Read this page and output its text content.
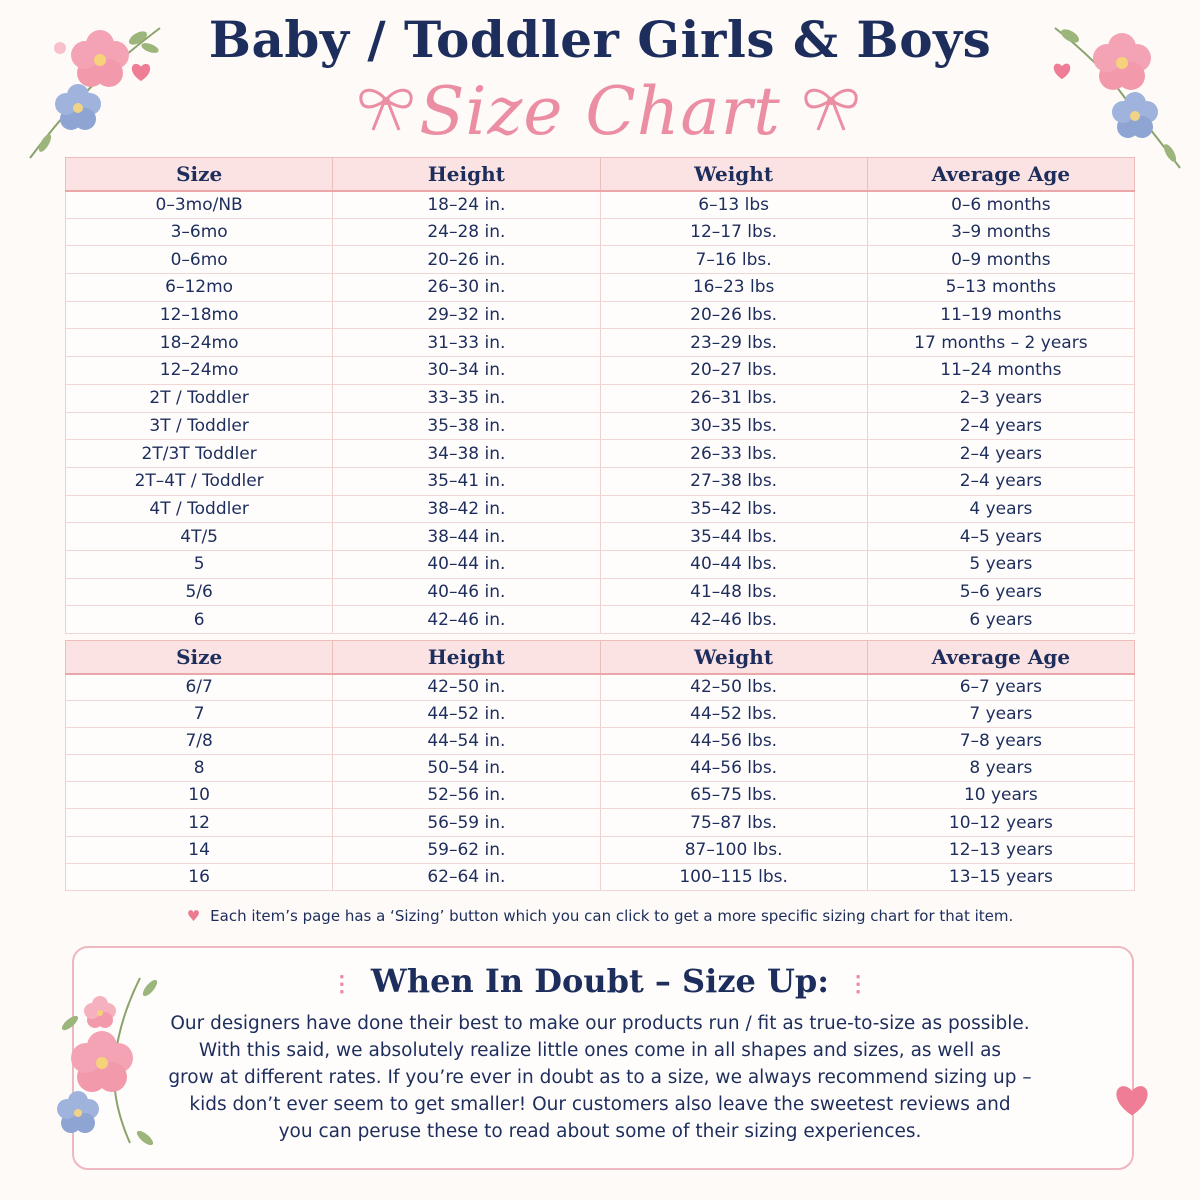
Baby / Toddler Girls & Boys
Size Chart
Size	Height	Weight	Average Age
0–3mo/NB	18–24 in.	6–13 lbs	0–6 months
3–6mo	24–28 in.	12–17 lbs.	3–9 months
0–6mo	20–26 in.	7–16 lbs.	0–9 months
6–12mo	26–30 in.	16–23 lbs	5–13 months
12–18mo	29–32 in.	20–26 lbs.	11–19 months
18–24mo	31–33 in.	23–29 lbs.	17 months – 2 years
12–24mo	30–34 in.	20–27 lbs.	11–24 months
2T / Toddler	33–35 in.	26–31 lbs.	2–3 years
3T / Toddler	35–38 in.	30–35 lbs.	2–4 years
2T/3T Toddler	34–38 in.	26–33 lbs.	2–4 years
2T–4T / Toddler	35–41 in.	27–38 lbs.	2–4 years
4T / Toddler	38–42 in.	35–42 lbs.	4 years
4T/5	38–44 in.	35–44 lbs.	4–5 years
5	40–44 in.	40–44 lbs.	5 years
5/6	40–46 in.	41–48 lbs.	5–6 years
6	42–46 in.	42–46 lbs.	6 years
Size	Height	Weight	Average Age
6/7	42–50 in.	42–50 lbs.	6–7 years
7	44–52 in.	44–52 lbs.	7 years
7/8	44–54 in.	44–56 lbs.	7–8 years
8	50–54 in.	44–56 lbs.	8 years
10	52–56 in.	65–75 lbs.	10 years
12	56–59 in.	75–87 lbs.	10–12 years
14	59–62 in.	87–100 lbs.	12–13 years
16	62–64 in.	100–115 lbs.	13–15 years
♥ Each item’s page has a ‘Sizing’ button which you can click to get a more specific sizing chart for that item.
⋮ When In Doubt – Size Up: ⋮
Our designers have done their best to make our products run / fit as true-to-size as possible.
With this said, we absolutely realize little ones come in all shapes and sizes, as well as
grow at different rates. If you’re ever in doubt as to a size, we always recommend sizing up –
kids don’t ever seem to get smaller! Our customers also leave the sweetest reviews and
you can peruse these to read about some of their sizing experiences.
